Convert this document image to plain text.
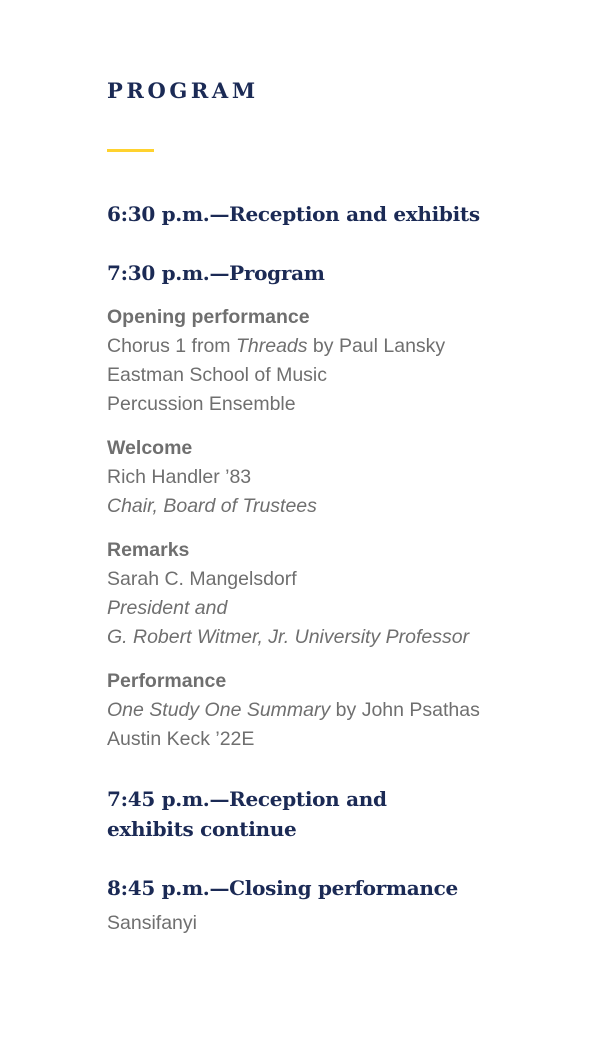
PROGRAM
6:30 p.m.—Reception and exhibits
7:30 p.m.—Program
Opening performance
Chorus 1 from Threads by Paul Lansky
Eastman School of Music
Percussion Ensemble
Welcome
Rich Handler ’83
Chair, Board of Trustees
Remarks
Sarah C. Mangelsdorf
President and
G. Robert Witmer, Jr. University Professor
Performance
One Study One Summary by John Psathas
Austin Keck ’22E
7:45 p.m.—Reception and
exhibits continue
8:45 p.m.—Closing performance
Sansifanyi
